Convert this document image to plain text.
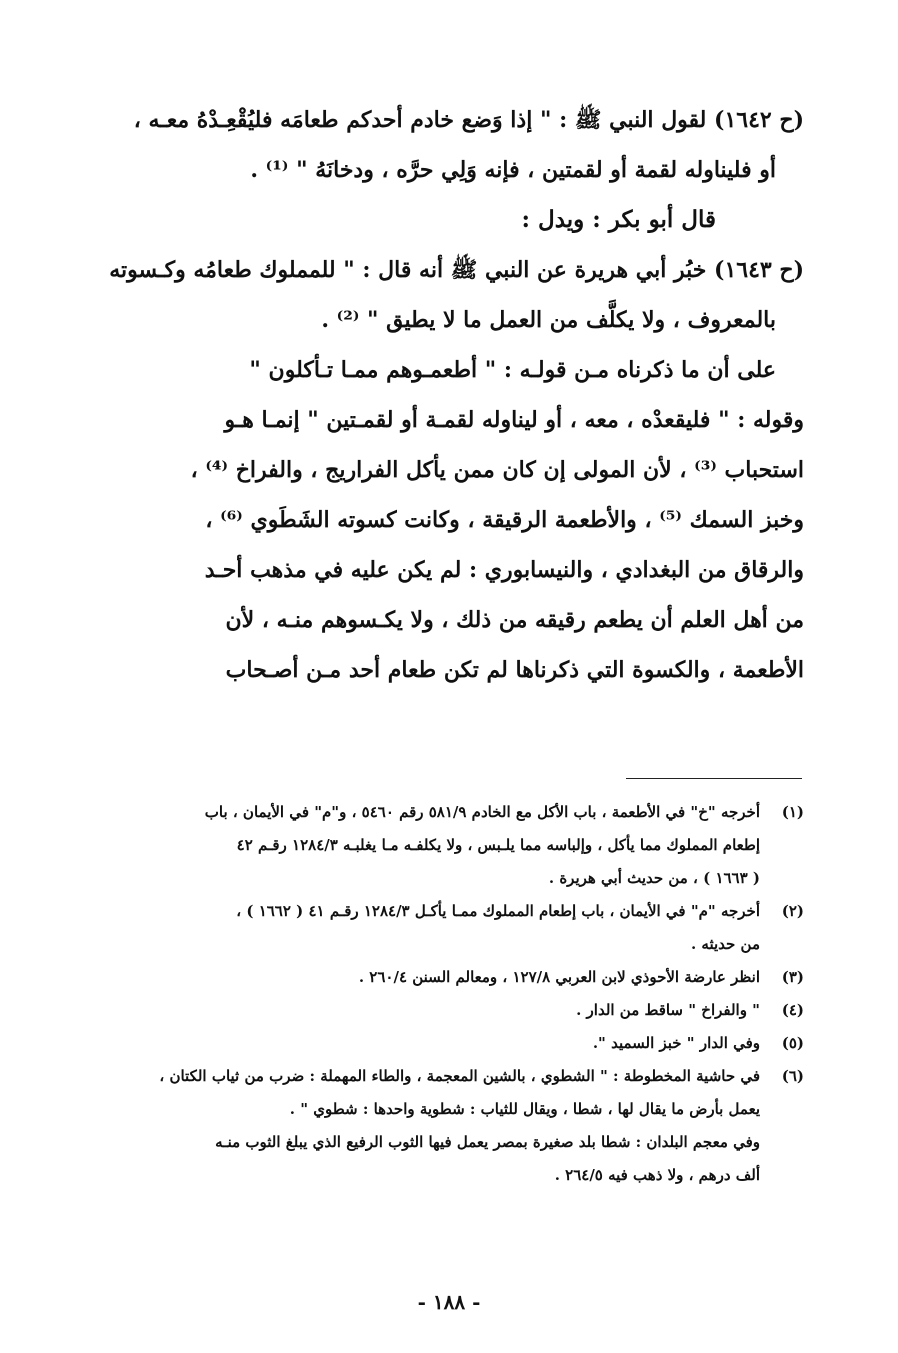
(ح ١٦٤٢) لقول النبي ﷺ : " إذا وَضع خادم أحدكم طعامَه فليُقْعِـدْهُ معـه ،

أو فليناوله لقمة أو لقمتين ، فإنه وَلِي حرَّه ، ودخانَهُ " ⁽¹⁾ .

قال أبو بكر : ويدل :

(ح ١٦٤٣) خبُر أبي هريرة عن النبي ﷺ أنه قال : " للمملوك طعامُه وكـسوته

بالمعروف ، ولا يكلَّف من العمل ما لا يطيق " ⁽²⁾ .

على أن ما ذكرناه مـن قولـه : " أطعمـوهم ممـا تـأكلون "

وقوله : " فليقعدْه ، معه ، أو ليناوله لقمـة أو لقمـتين " إنمـا هـو

استحباب ⁽³⁾ ، لأن المولى إن كان ممن يأكل الفراريج ، والفراخ ⁽⁴⁾ ،

وخبز السمك ⁽⁵⁾ ، والأطعمة الرقيقة ، وكانت كسوته الشَطَوي ⁽⁶⁾ ،

والرقاق من البغدادي ، والنيسابوري : لم يكن عليه في مذهب أحـد

من أهل العلم أن يطعم رقيقه من ذلك ، ولا يكـسوهم منـه ، لأن

الأطعمة ، والكسوة التي ذكرناها لم تكن طعام أحد مـن أصـحاب

(١)
أخرجه "خ" في الأطعمة ، باب الأكل مع الخادم ٥٨١/٩ رقم ٥٤٦٠ ، و"م" في الأيمان ، باب
إطعام المملوك مما يأكل ، وإلباسه مما يلـبس ، ولا يكلفـه مـا يغلبـه ١٢٨٤/٣ رقـم ٤٢
( ١٦٦٣ ) ، من حديث أبي هريرة .
(٢)
أخرجه "م" في الأيمان ، باب إطعام المملوك ممـا يأكـل ١٢٨٤/٣ رقـم ٤١ ( ١٦٦٢ ) ،
من حديثه .
(٣)
انظر عارضة الأحوذي لابن العربي ١٢٧/٨ ، ومعالم السنن ٢٦٠/٤ .
(٤)
" والفراخ " ساقط من الدار .
(٥)
وفي الدار " خبز السميد ".
(٦)
في حاشية المخطوطة : " الشطوي ، بالشين المعجمة ، والطاء المهملة : ضرب من ثياب الكتان ،
يعمل بأرض ما يقال لها ، شطا ، ويقال للثياب : شطوية واحدها : شطوي " .
وفي معجم البلدان : شطا بلد صغيرة بمصر يعمل فيها الثوب الرفيع الذي يبلغ الثوب منـه
ألف درهم ، ولا ذهب فيه ٢٦٤/٥ .
- ١٨٨ -
